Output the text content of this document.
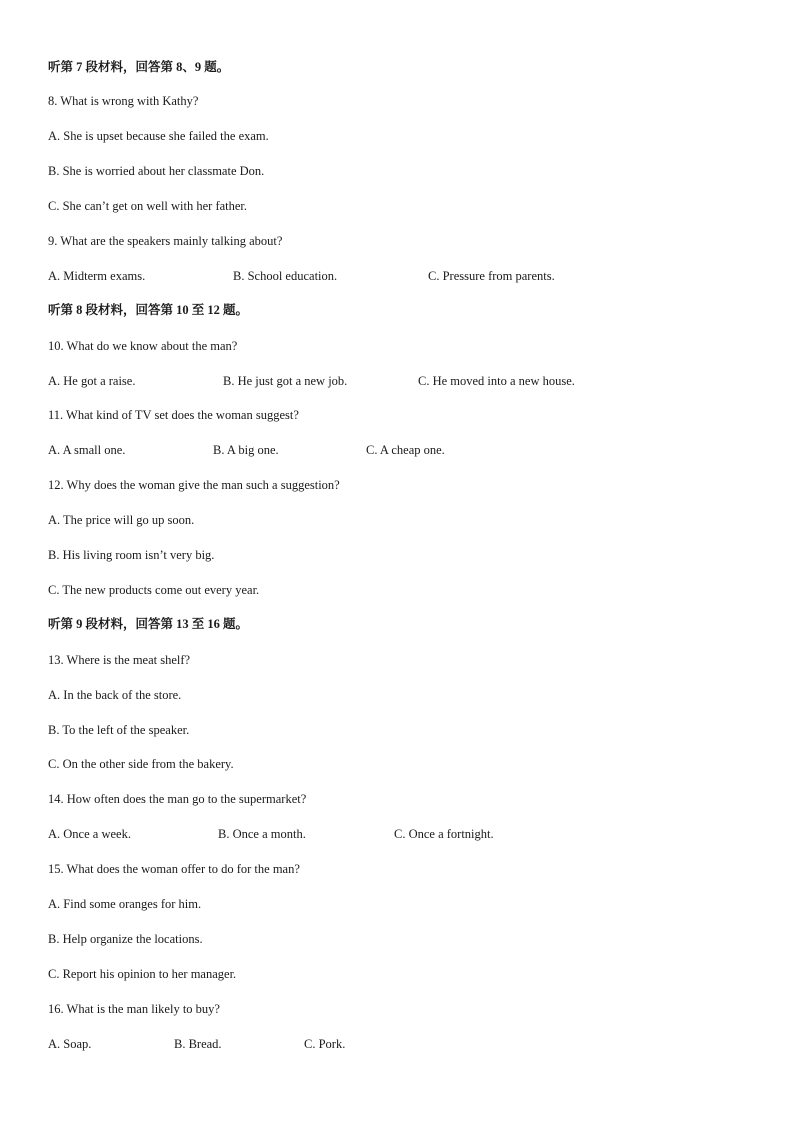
听第 7 段材料，回答第 8、9 题。
8. What is wrong with Kathy?
A. She is upset because she failed the exam.
B. She is worried about her classmate Don.
C. She can’t get on well with her father.
9. What are the speakers mainly talking about?
A. Midterm exams.	B. School education.	C. Pressure from parents.
听第 8 段材料，回答第 10 至 12 题。
10. What do we know about the man?
A. He got a raise.	B. He just got a new job.	C. He moved into a new house.
11. What kind of TV set does the woman suggest?
A. A small one.	B. A big one.	C. A cheap one.
12. Why does the woman give the man such a suggestion?
A. The price will go up soon.
B. His living room isn’t very big.
C. The new products come out every year.
听第 9 段材料，回答第 13 至 16 题。
13. Where is the meat shelf?
A. In the back of the store.
B. To the left of the speaker.
C. On the other side from the bakery.
14. How often does the man go to the supermarket?
A. Once a week.	B. Once a month.	C. Once a fortnight.
15. What does the woman offer to do for the man?
A. Find some oranges for him.
B. Help organize the locations.
C. Report his opinion to her manager.
16. What is the man likely to buy?
A. Soap.	B. Bread.	C. Pork.
